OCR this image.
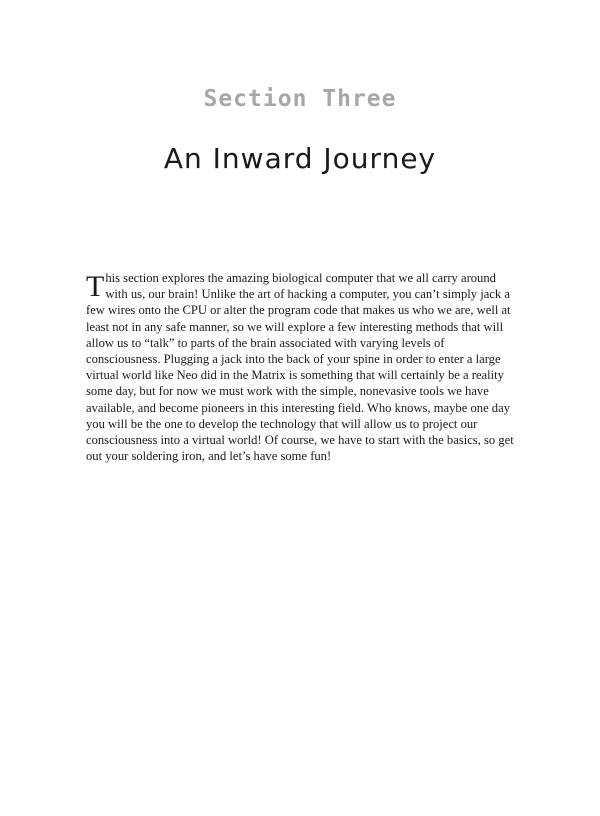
Section Three
An Inward Journey

This section explores the amazing biological computer that we all carry around with us, our brain! Unlike the art of hacking a computer, you can’t simply jack a few wires onto the CPU or alter the program code that makes us who we are, well at least not in any safe manner, so we will explore a few interesting methods that will allow us to “talk” to parts of the brain associated with varying levels of consciousness. Plugging a jack into the back of your spine in order to enter a large virtual world like Neo did in the Matrix is something that will certainly be a reality some day, but for now we must work with the simple, nonevasive tools we have available, and become pioneers in this interesting field. Who knows, maybe one day you will be the one to develop the technology that will allow us to project our consciousness into a virtual world! Of course, we have to start with the basics, so get out your soldering iron, and let’s have some fun!
